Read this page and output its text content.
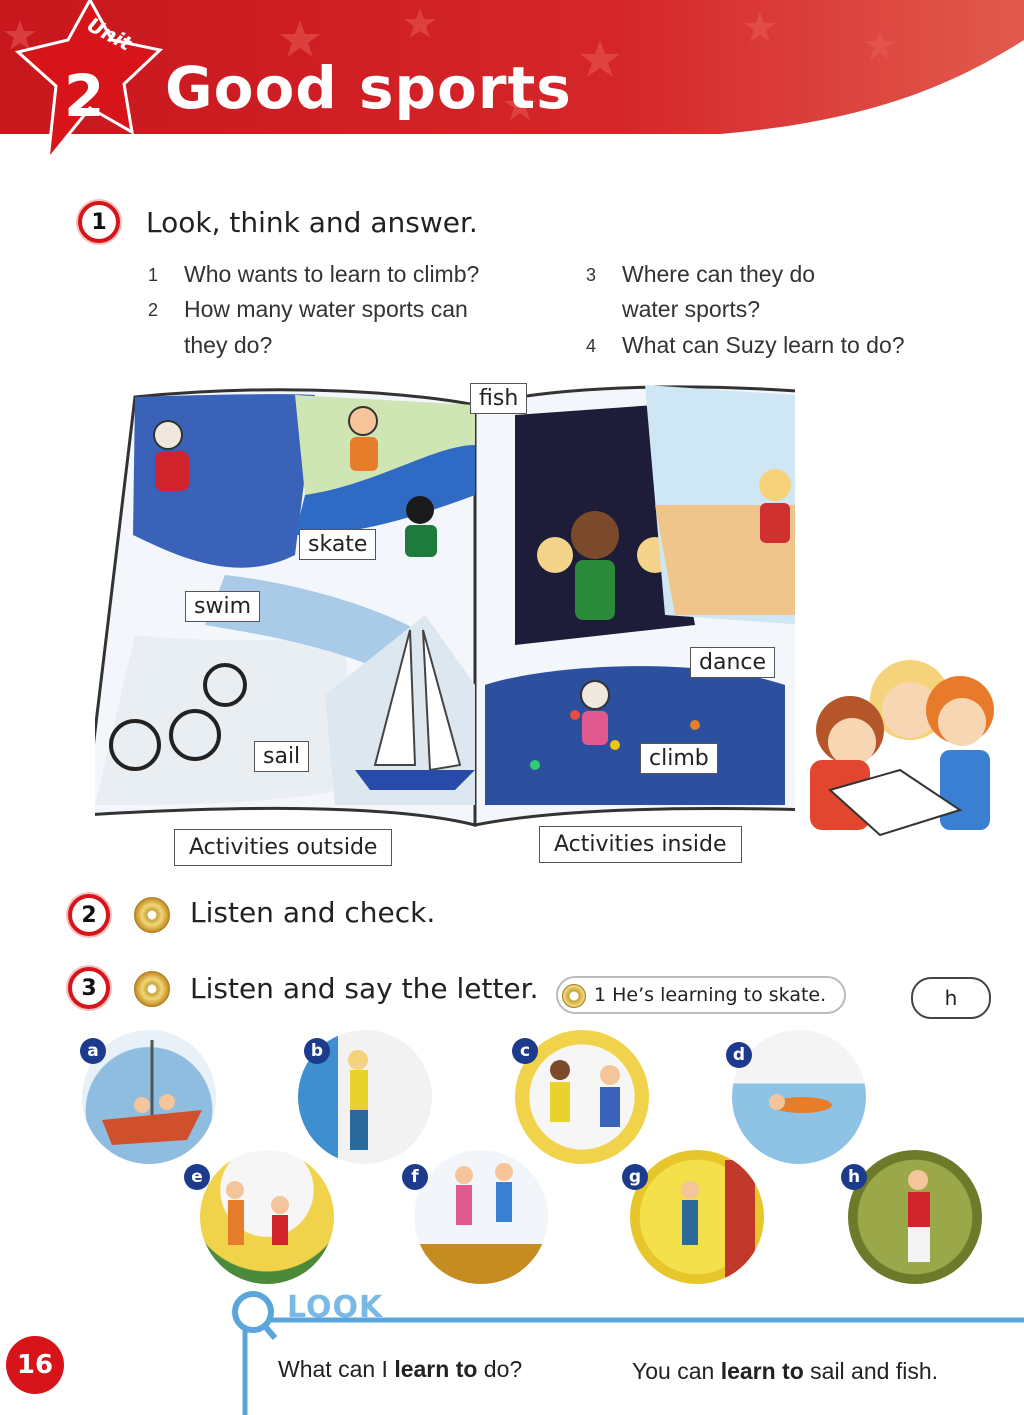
Unit
2 Good sports
1	Look, think and answer.
1 Who wants to learn to climb?
2 How many water sports can
they do?
3 Where can they do
water sports?
4 What can Suzy learn to do?
fish
skate
swim
sail
dance
climb
Activities outside	Activities inside
2	Listen and check.
3	Listen and say the letter.	1 He’s learning to skate.	h
a	b	c	d
e	f	g	h
LOOK
What can I learn to do?	You can learn to sail and fish.
16
